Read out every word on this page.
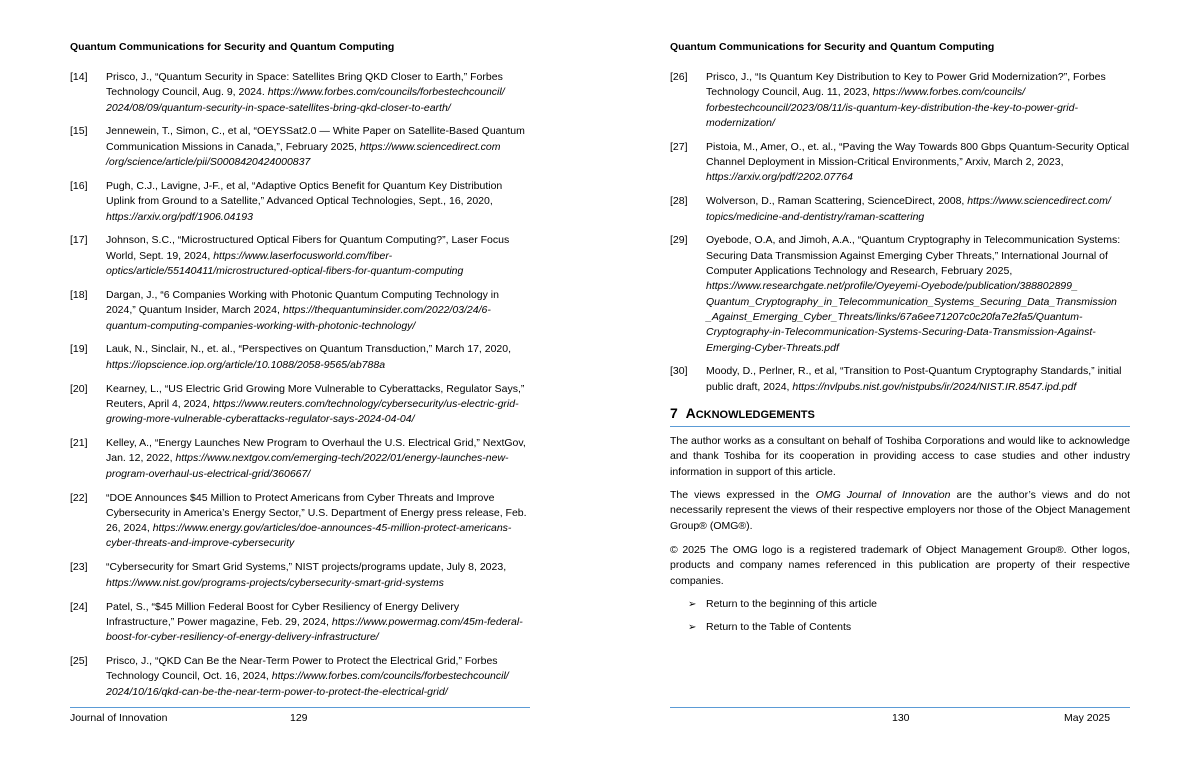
Quantum Communications for Security and Quantum Computing
[14] Prisco, J., “Quantum Security in Space: Satellites Bring QKD Closer to Earth,” Forbes Technology Council, Aug. 9, 2024. https://www.forbes.com/councils/forbestechcouncil/ 2024/08/09/quantum-security-in-space-satellites-bring-qkd-closer-to-earth/
[15] Jennewein, T., Simon, C., et al, “OEYSSat2.0 — White Paper on Satellite-Based Quantum Communication Missions in Canada,”, February 2025, https://www.sciencedirect.com /org/science/article/pii/S0008420424000837
[16] Pugh, C.J., Lavigne, J-F., et al, “Adaptive Optics Benefit for Quantum Key Distribution Uplink from Ground to a Satellite,” Advanced Optical Technologies, Sept., 16, 2020, https://arxiv.org/pdf/1906.04193
[17] Johnson, S.C., “Microstructured Optical Fibers for Quantum Computing?”, Laser Focus World, Sept. 19, 2024, https://www.laserfocusworld.com/fiber-optics/article/55140411/microstructured-optical-fibers-for-quantum-computing
[18] Dargan, J., “6 Companies Working with Photonic Quantum Computing Technology in 2024,” Quantum Insider, March 2024, https://thequantuminsider.com/2022/03/24/6-quantum-computing-companies-working-with-photonic-technology/
[19] Lauk, N., Sinclair, N., et. al., “Perspectives on Quantum Transduction,” March 17, 2020, https://iopscience.iop.org/article/10.1088/2058-9565/ab788a
[20] Kearney, L., “US Electric Grid Growing More Vulnerable to Cyberattacks, Regulator Says,” Reuters, April 4, 2024, https://www.reuters.com/technology/cybersecurity/us-electric-grid-growing-more-vulnerable-cyberattacks-regulator-says-2024-04-04/
[21] Kelley, A., “Energy Launches New Program to Overhaul the U.S. Electrical Grid,” NextGov, Jan. 12, 2022, https://www.nextgov.com/emerging-tech/2022/01/energy-launches-new-program-overhaul-us-electrical-grid/360667/
[22] “DOE Announces $45 Million to Protect Americans from Cyber Threats and Improve Cybersecurity in America’s Energy Sector,” U.S. Department of Energy press release, Feb. 26, 2024, https://www.energy.gov/articles/doe-announces-45-million-protect-americans-cyber-threats-and-improve-cybersecurity
[23] “Cybersecurity for Smart Grid Systems,” NIST projects/programs update, July 8, 2023, https://www.nist.gov/programs-projects/cybersecurity-smart-grid-systems
[24] Patel, S., “$45 Million Federal Boost for Cyber Resiliency of Energy Delivery Infrastructure,” Power magazine, Feb. 29, 2024, https://www.powermag.com/45m-federal-boost-for-cyber-resiliency-of-energy-delivery-infrastructure/
[25] Prisco, J., “QKD Can Be the Near-Term Power to Protect the Electrical Grid,” Forbes Technology Council, Oct. 16, 2024, https://www.forbes.com/councils/forbestechcouncil/ 2024/10/16/qkd-can-be-the-near-term-power-to-protect-the-electrical-grid/
Journal of Innovation	129
Quantum Communications for Security and Quantum Computing
[26] Prisco, J., “Is Quantum Key Distribution to Key to Power Grid Modernization?”, Forbes Technology Council, Aug. 11, 2023, https://www.forbes.com/councils/ forbestechcouncil/2023/08/11/is-quantum-key-distribution-the-key-to-power-grid-modernization/
[27] Pistoia, M., Amer, O., et. al., “Paving the Way Towards 800 Gbps Quantum-Security Optical Channel Deployment in Mission-Critical Environments,” Arxiv, March 2, 2023, https://arxiv.org/pdf/2202.07764
[28] Wolverson, D., Raman Scattering, ScienceDirect, 2008, https://www.sciencedirect.com/ topics/medicine-and-dentistry/raman-scattering
[29] Oyebode, O.A, and Jimoh, A.A., “Quantum Cryptography in Telecommunication Systems: Securing Data Transmission Against Emerging Cyber Threats,” International Journal of Computer Applications Technology and Research, February 2025, https://www.researchgate.net/profile/Oyeyemi-Oyebode/publication/388802899_ Quantum_Cryptography_in_Telecommunication_Systems_Securing_Data_Transmission _Against_Emerging_Cyber_Threats/links/67a6ee71207c0c20fa7e2fa5/Quantum-Cryptography-in-Telecommunication-Systems-Securing-Data-Transmission-Against-Emerging-Cyber-Threats.pdf
[30] Moody, D., Perlner, R., et al, “Transition to Post-Quantum Cryptography Standards,” initial public draft, 2024, https://nvlpubs.nist.gov/nistpubs/ir/2024/NIST.IR.8547.ipd.pdf
7 ACKNOWLEDGEMENTS
The author works as a consultant on behalf of Toshiba Corporations and would like to acknowledge and thank Toshiba for its cooperation in providing access to case studies and other industry information in support of this article.
The views expressed in the OMG Journal of Innovation are the author’s views and do not necessarily represent the views of their respective employers nor those of the Object Management Group® (OMG®).
© 2025 The OMG logo is a registered trademark of Object Management Group®. Other logos, products and company names referenced in this publication are property of their respective companies.
➢ Return to the beginning of this article
➢ Return to the Table of Contents
130	May 2025
